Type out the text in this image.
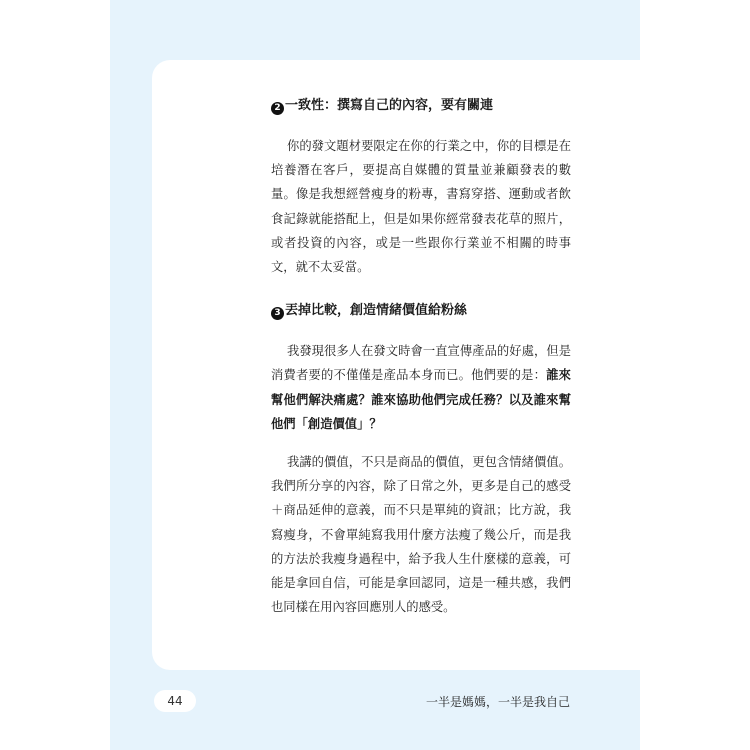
2 一致性：撰寫自己的內容，要有關連

你的發文題材要限定在你的行業之中，你的目標是在培養潛在客戶，要提高自媒體的質量並兼顧發表的數量。像是我想經營瘦身的粉專，書寫穿搭、運動或者飲食記錄就能搭配上，但是如果你經常發表花草的照片，或者投資的內容，或是一些跟你行業並不相關的時事文，就不太妥當。

3 丟掉比較，創造情緒價值給粉絲

我發現很多人在發文時會一直宣傳產品的好處，但是消費者要的不僅僅是產品本身而已。他們要的是：誰來幫他們解決痛處？誰來協助他們完成任務？以及誰來幫他們「創造價值」？

我講的價值，不只是商品的價值，更包含情緒價值。我們所分享的內容，除了日常之外，更多是自己的感受＋商品延伸的意義，而不只是單純的資訊；比方說，我寫瘦身，不會單純寫我用什麼方法瘦了幾公斤，而是我的方法於我瘦身過程中，給予我人生什麼樣的意義，可能是拿回自信，可能是拿回認同，這是一種共感，我們也同樣在用內容回應別人的感受。

44	一半是媽媽，一半是我自己
